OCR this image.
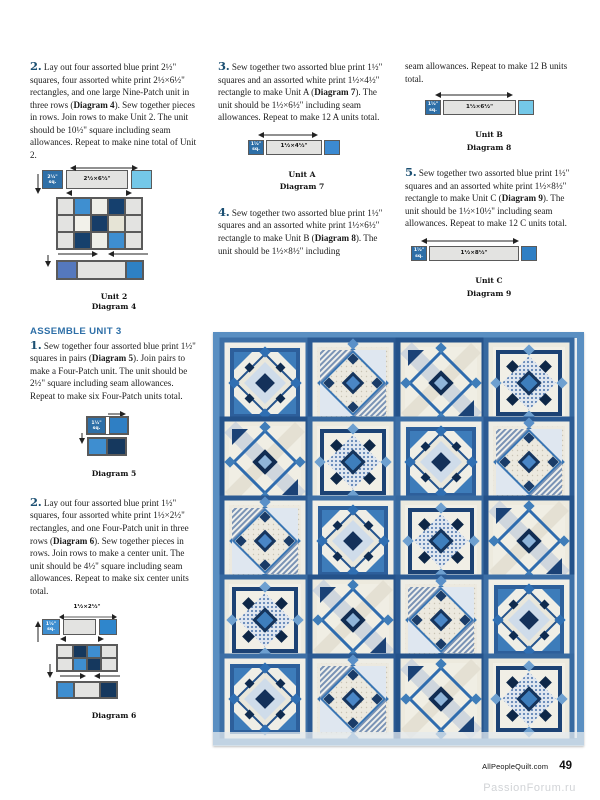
2. Lay out four assorted blue print 2½" squares, four assorted white print 2½×6½" rectangles, and one large Nine-Patch unit in three rows (Diagram 4). Sew together pieces in rows. Join rows to make Unit 2. The unit should be 10½" square including seam allowances. Repeat to make nine total of Unit 2.

2½"
sq.
2½×6½"
Unit 2
Diagram 4
ASSEMBLE UNIT 3

1. Sew together four assorted blue print 1½" squares in pairs (Diagram 5). Join pairs to make a Four-Patch unit. The unit should be 2½" square including seam allowances. Repeat to make six Four-Patch units total.

1½"
sq.
Diagram 5

2. Lay out four assorted blue print 1½" squares, four assorted white print 1½×2½" rectangles, and one Four-Patch unit in three rows (Diagram 6). Sew together pieces in rows. Join rows to make a center unit. The unit should be 4½" square including seam allowances. Repeat to make six center units total.

1½×2½"
1½"
sq.
Diagram 6

3. Sew together two assorted blue print 1½" squares and an assorted white print 1½×4½" rectangle to make Unit A (Diagram 7). The unit should be 1½×6½" including seam allowances. Repeat to make 12 A units total.

1½"
sq.
1½×4½"
Unit A
Diagram 7

4. Sew together two assorted blue print 1½" squares and an assorted white print 1½×6½" rectangle to make Unit B (Diagram 8). The unit should be 1½×8½" including

seam allowances. Repeat to make 12 B units total.

1½"
sq.
1½×6½"
Unit B
Diagram 8

5. Sew together two assorted blue print 1½" squares and an assorted white print 1½×8½" rectangle to make Unit C (Diagram 9). The unit should be 1½×10½" including seam allowances. Repeat to make 12 C units total.

1½"
sq.
1½×8½"
Unit C
Diagram 9
AllPeopleQuilt.com 49
PassionForum.ru
